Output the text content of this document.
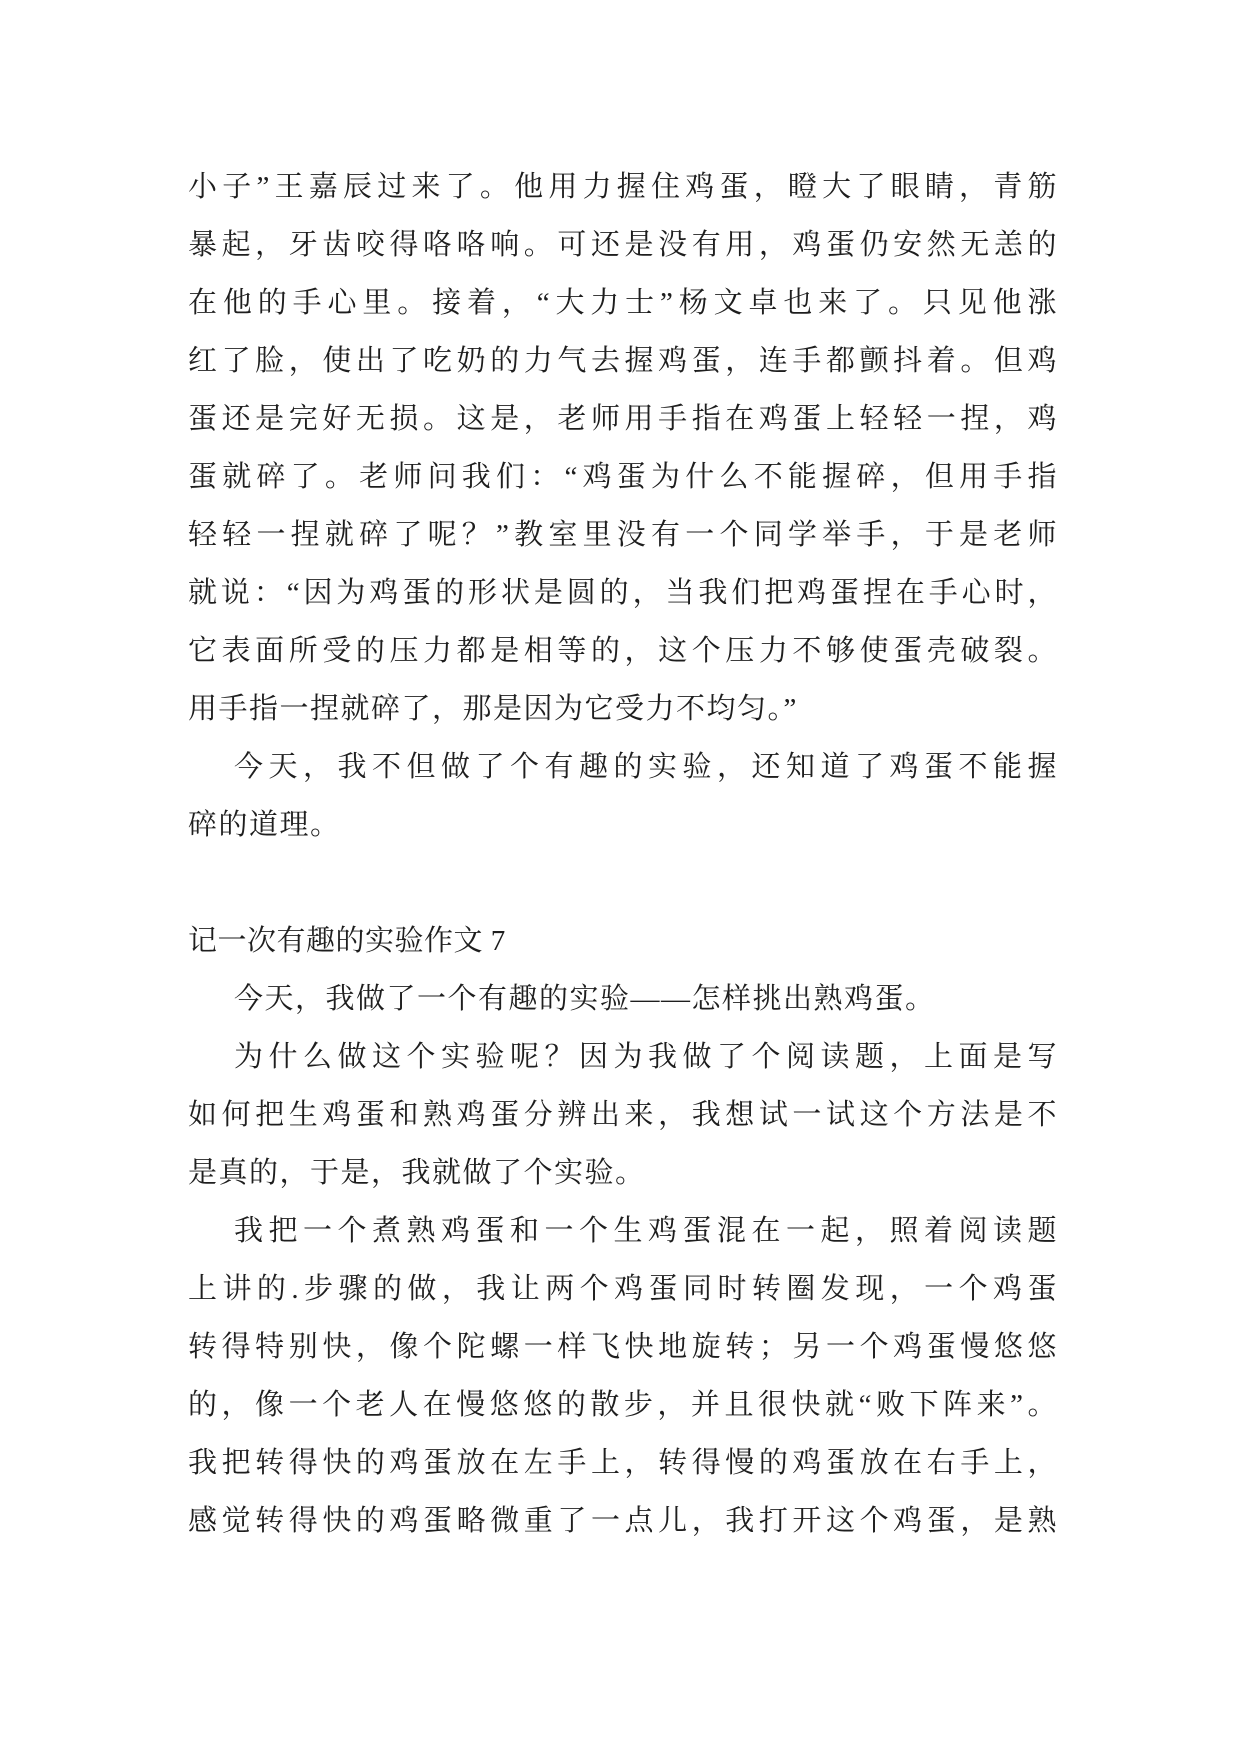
小子”王嘉辰过来了。他用力握住鸡蛋，瞪大了眼睛，青筋
暴起，牙齿咬得咯咯响。可还是没有用，鸡蛋仍安然无恙的
在他的手心里。接着，“大力士”杨文卓也来了。只见他涨
红了脸，使出了吃奶的力气去握鸡蛋，连手都颤抖着。但鸡
蛋还是完好无损。这是，老师用手指在鸡蛋上轻轻一捏，鸡
蛋就碎了。老师问我们：“鸡蛋为什么不能握碎，但用手指
轻轻一捏就碎了呢？”教室里没有一个同学举手，于是老师
就说：“因为鸡蛋的形状是圆的，当我们把鸡蛋捏在手心时，
它表面所受的压力都是相等的，这个压力不够使蛋壳破裂。
用手指一捏就碎了，那是因为它受力不均匀。”
今天，我不但做了个有趣的实验，还知道了鸡蛋不能握
碎的道理。
记一次有趣的实验作文 7
今天，我做了一个有趣的实验——怎样挑出熟鸡蛋。
为什么做这个实验呢？因为我做了个阅读题，上面是写
如何把生鸡蛋和熟鸡蛋分辨出来，我想试一试这个方法是不
是真的，于是，我就做了个实验。
我把一个煮熟鸡蛋和一个生鸡蛋混在一起，照着阅读题
上讲的.步骤的做，我让两个鸡蛋同时转圈发现，一个鸡蛋
转得特别快，像个陀螺一样飞快地旋转；另一个鸡蛋慢悠悠
的，像一个老人在慢悠悠的散步，并且很快就“败下阵来”。
我把转得快的鸡蛋放在左手上，转得慢的鸡蛋放在右手上，
感觉转得快的鸡蛋略微重了一点儿，我打开这个鸡蛋，是熟
